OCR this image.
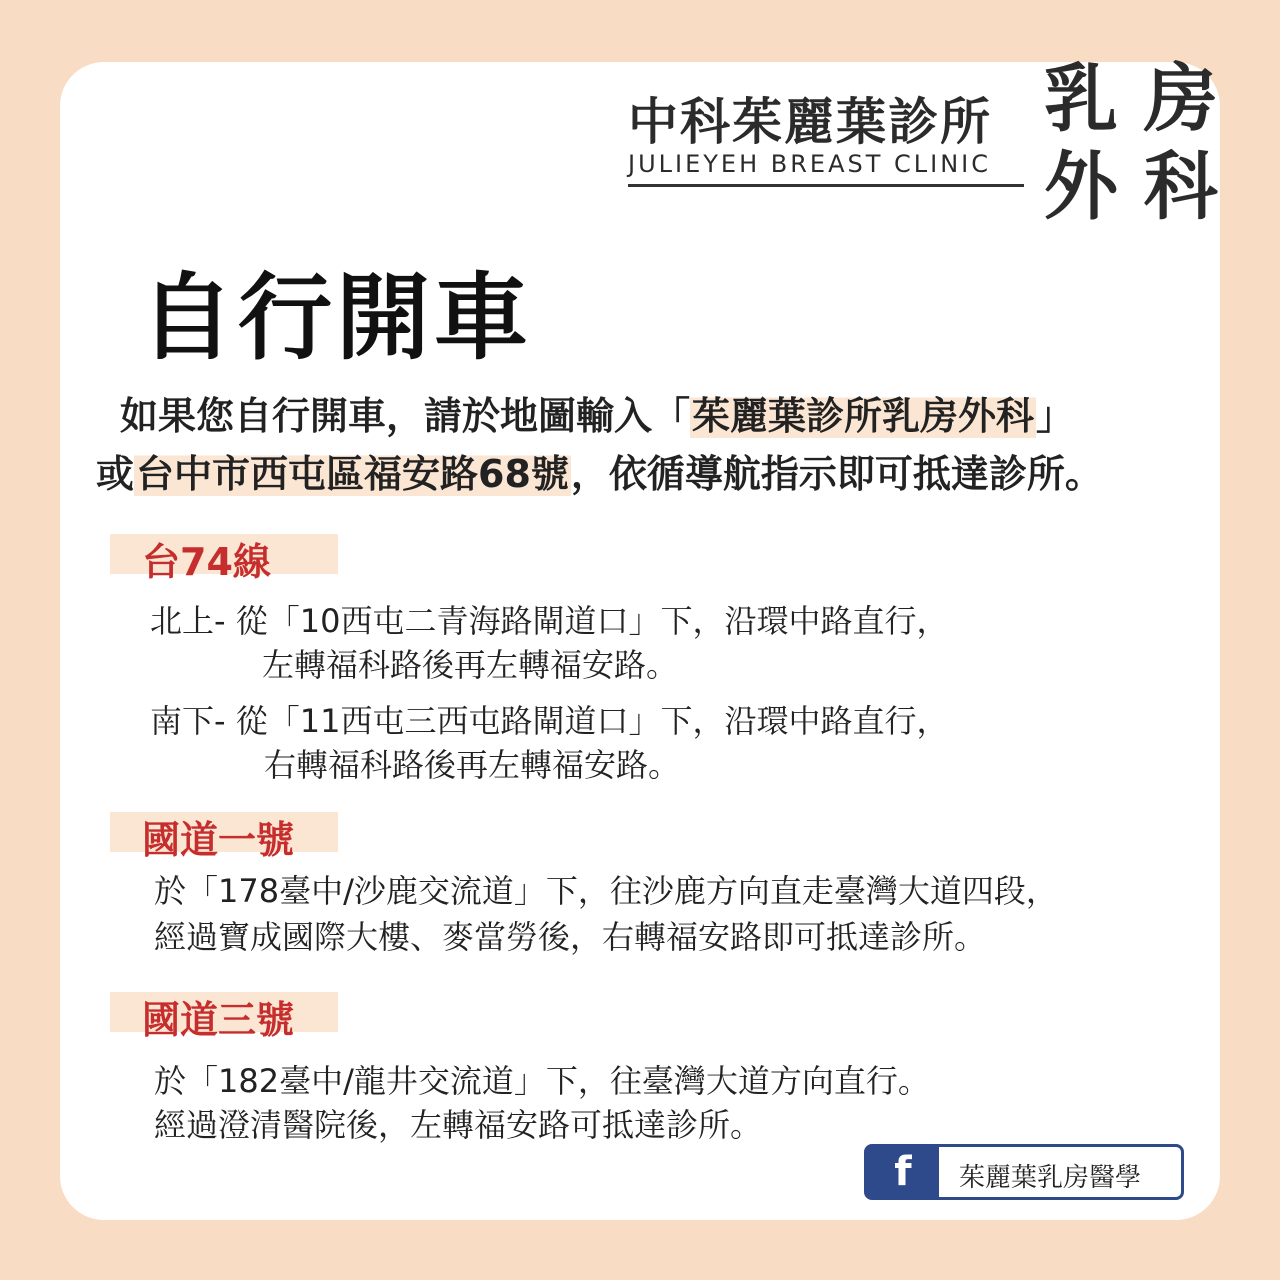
中科茱麗葉診所
JULIEYEH BREAST CLINIC
乳 房
外 科
自行開車
如果您自行開車，請於地圖輸入「茱麗葉診所乳房外科」
或台中市西屯區福安路68號，依循導航指示即可抵達診所。
台74線
北上- 從「10西屯二青海路閘道口」下，沿環中路直行，
左轉福科路後再左轉福安路。
南下- 從「11西屯三西屯路閘道口」下，沿環中路直行，
右轉福科路後再左轉福安路。
國道一號
於「178臺中/沙鹿交流道」下，往沙鹿方向直走臺灣大道四段，
經過寶成國際大樓、麥當勞後，右轉福安路即可抵達診所。
國道三號
於「182臺中/龍井交流道」下，往臺灣大道方向直行。
經過澄清醫院後，左轉福安路可抵達診所。
f	茱麗葉乳房醫學
